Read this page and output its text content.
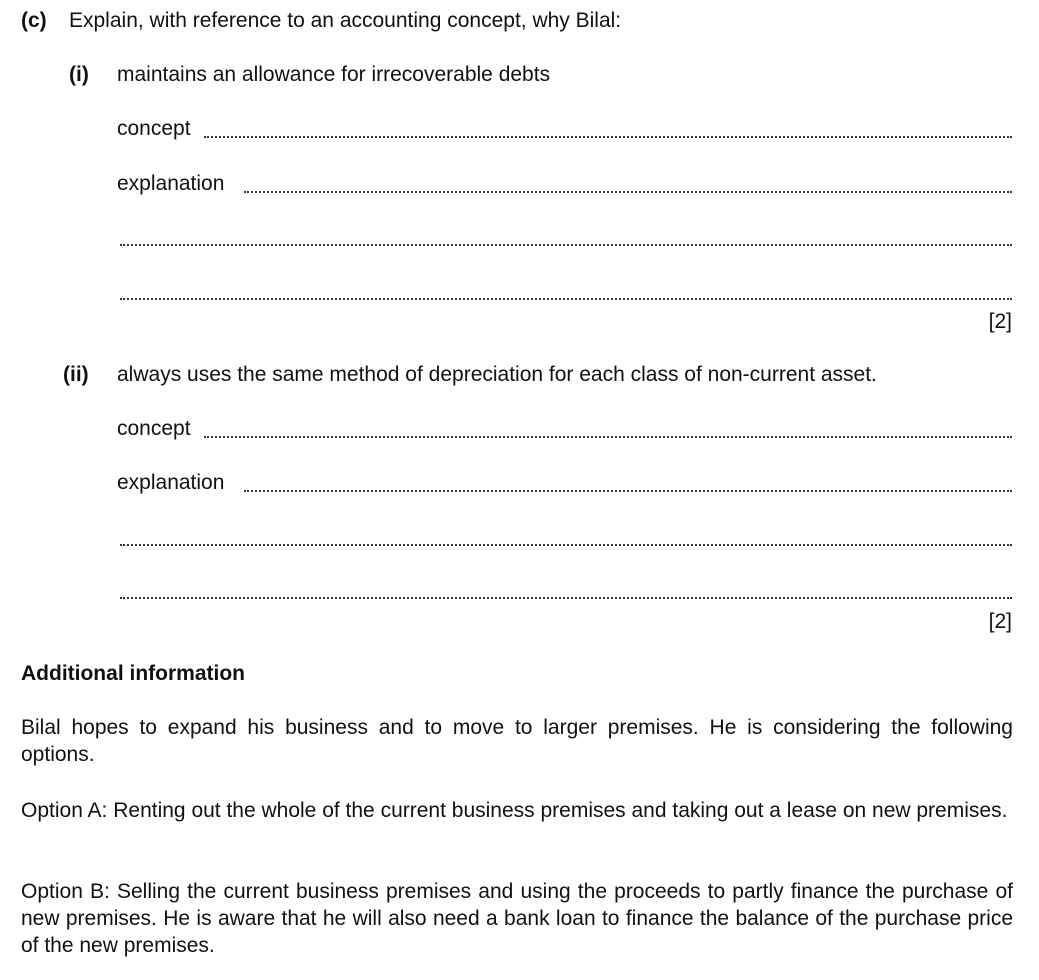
(c) Explain, with reference to an accounting concept, why Bilal:
(i) maintains an allowance for irrecoverable debts
concept
explanation
[2]
(ii) always uses the same method of depreciation for each class of non-current asset.
concept
explanation
[2]
Additional information

Bilal hopes to expand his business and to move to larger premises. He is considering the following options.

Option A: Renting out the whole of the current business premises and taking out a lease on new premises.

Option B: Selling the current business premises and using the proceeds to partly finance the purchase of new premises. He is aware that he will also need a bank loan to finance the balance of the purchase price of the new premises.
